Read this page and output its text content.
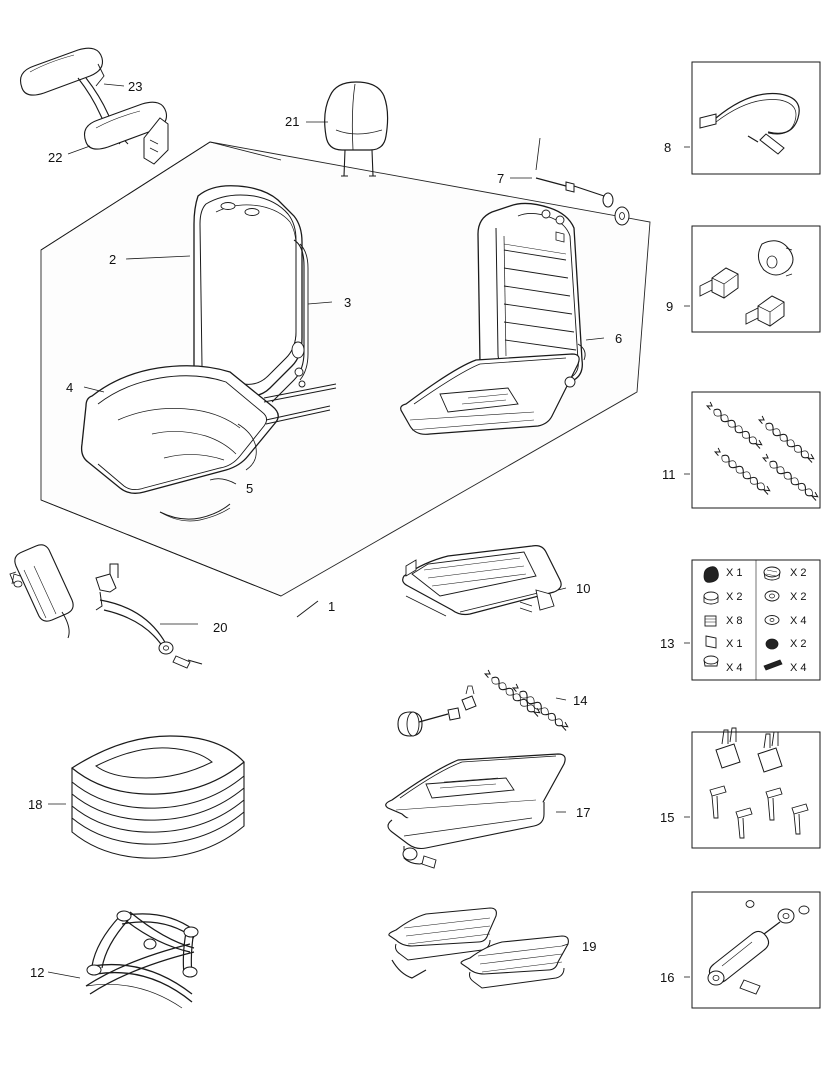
1
2
3
4
5
6
7
8
9
10
11
12
13
14
15
16
17
18
19
20
21
22
23
X 1
X 2
X 8
X 1
X 4
X 2
X 2
X 4
X 2
X 4
